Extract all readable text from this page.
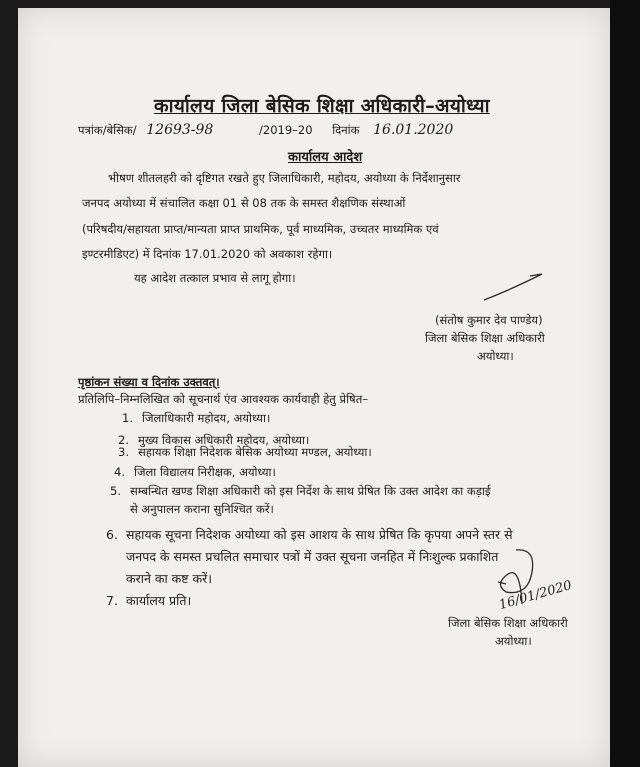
कार्यालय जिला बेसिक शिक्षा अधिकारी–अयोध्या
पत्रांक/बेसिक/ 12693-98	/2019–20 दिनांक 16.01.2020
कार्यालय आदेश
भीषण शीतलहरी को दृष्टिगत रखते हुए जिलाधिकारी, महोदय, अयोध्या के निर्देशानुसार
जनपद अयोध्या में संचालित कक्षा 01 से 08 तक के समस्त शैक्षणिक संस्थाओं
(परिषदीय/सहायता प्राप्त/मान्यता प्राप्त प्राथमिक, पूर्व माध्यमिक, उच्चतर माध्यमिक एवं
इण्टरमीडिएट) में दिनांक 17.01.2020 को अवकाश रहेगा।
यह आदेश तत्काल प्रभाव से लागू होगा।
(संतोष कुमार देव पाण्डेय)
जिला बेसिक शिक्षा अधिकारी
अयोध्या।
पृष्ठांकन संख्या व दिनांक उक्तवत्।
प्रतिलिपि–निम्नलिखित को सूचनार्थ एंव आवश्यक कार्यवाही हेतु प्रेषित–
1. जिलाधिकारी महोदय, अयोध्या।
2. मुख्य विकास अधिकारी महोदय, अयोध्या।
3. सहायक शिक्षा निदेशक बेसिक अयोध्या मण्डल, अयोध्या।
4. जिला विद्यालय निरीक्षक, अयोध्या।
5. सम्बन्धित खण्ड शिक्षा अधिकारी को इस निर्देश के साथ प्रेषित कि उक्त आदेश का कड़ाई
से अनुपालन कराना सुनिश्चित करें।
6. सहायक सूचना निदेशक अयोध्या को इस आशय के साथ प्रेषित कि कृपया अपने स्तर से
जनपद के समस्त प्रचलित समाचार पत्रों में उक्त सूचना जनहित में निःशुल्क प्रकाशित
कराने का कष्ट करें।
7. कार्यालय प्रति।	16/01/2020
जिला बेसिक शिक्षा अधिकारी
अयोध्या।
